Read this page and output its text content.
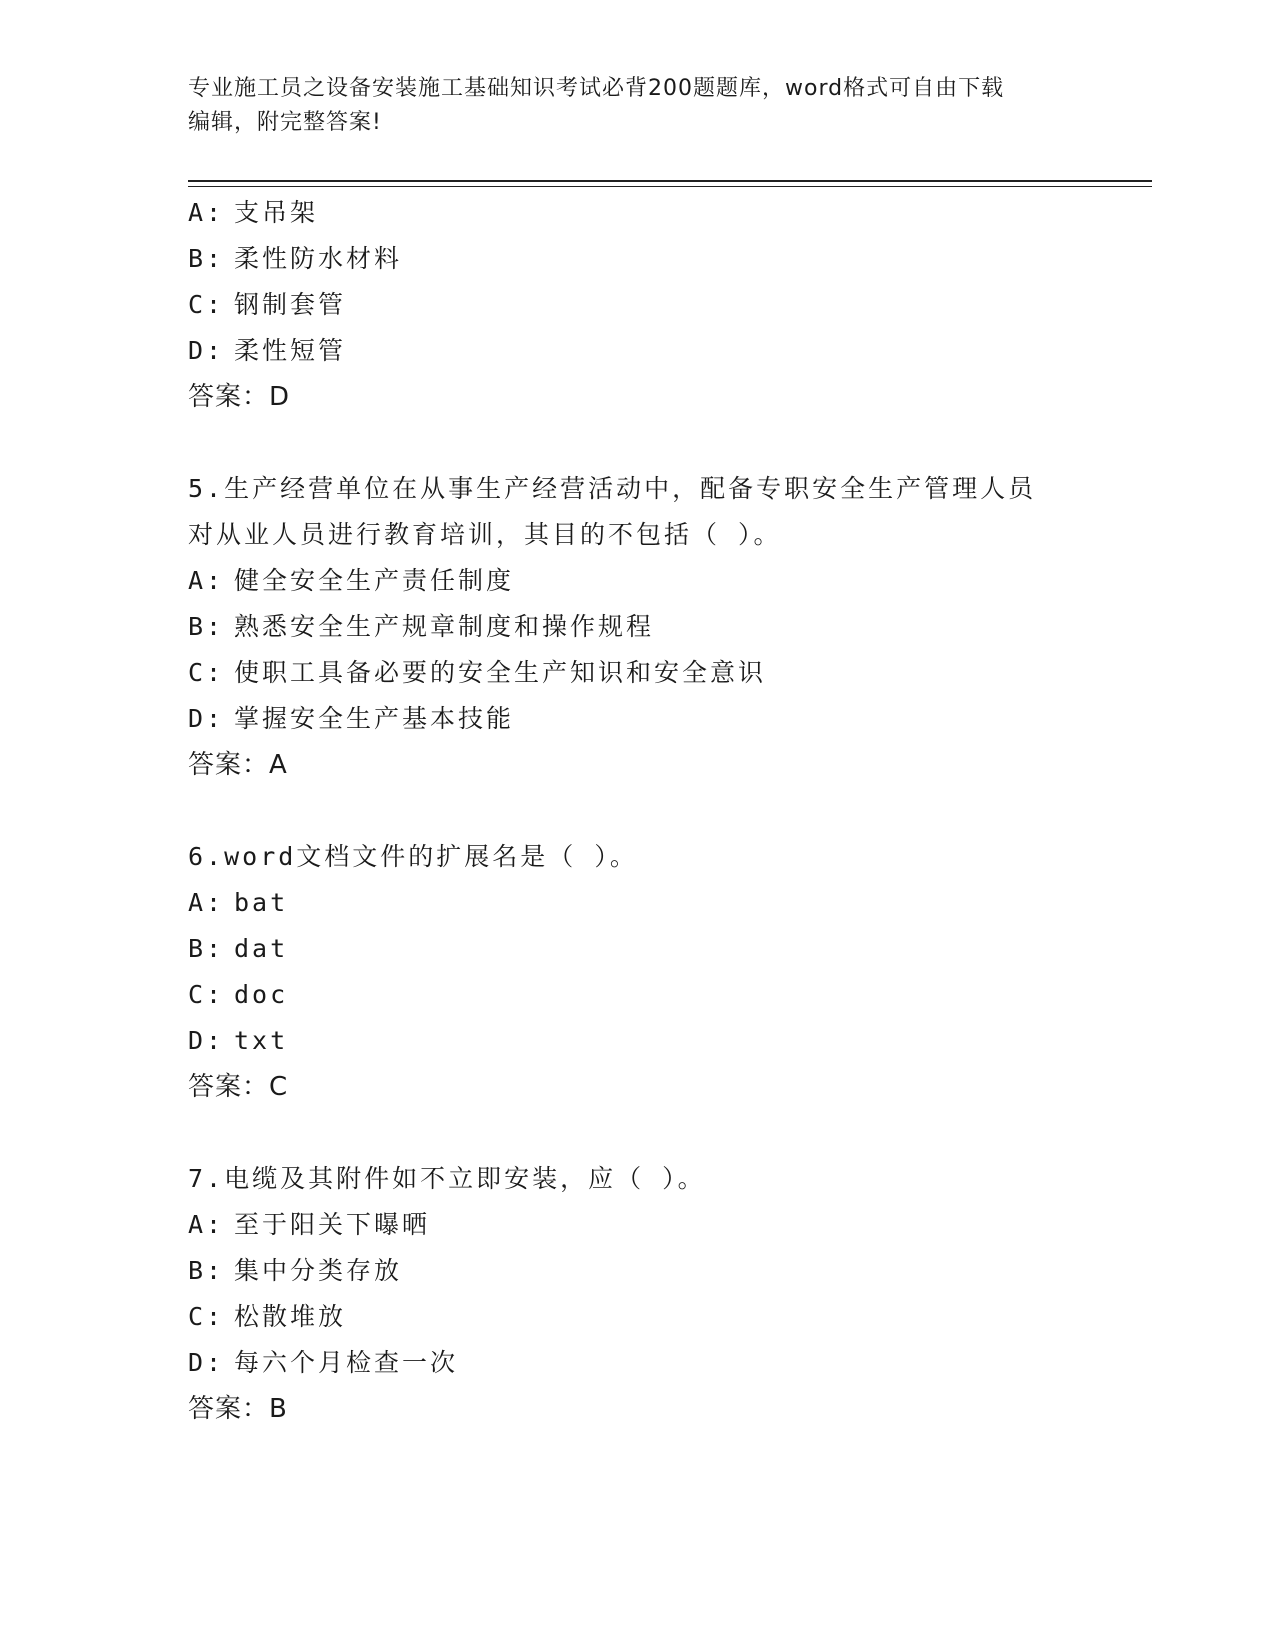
专业施工员之设备安装施工基础知识考试必背200题题库，word格式可自由下载
编辑，附完整答案!
A: 支吊架
B: 柔性防水材料
C: 钢制套管
D: 柔性短管
答案：D
5.生产经营单位在从事生产经营活动中，配备专职安全生产管理人员
对从业人员进行教育培训，其目的不包括（ ）。
A: 健全安全生产责任制度
B: 熟悉安全生产规章制度和操作规程
C: 使职工具备必要的安全生产知识和安全意识
D: 掌握安全生产基本技能
答案：A
6.word文档文件的扩展名是（ ）。
A: bat
B: dat
C: doc
D: txt
答案：C
7.电缆及其附件如不立即安装，应（ ）。
A: 至于阳关下曝晒
B: 集中分类存放
C: 松散堆放
D: 每六个月检查一次
答案：B
